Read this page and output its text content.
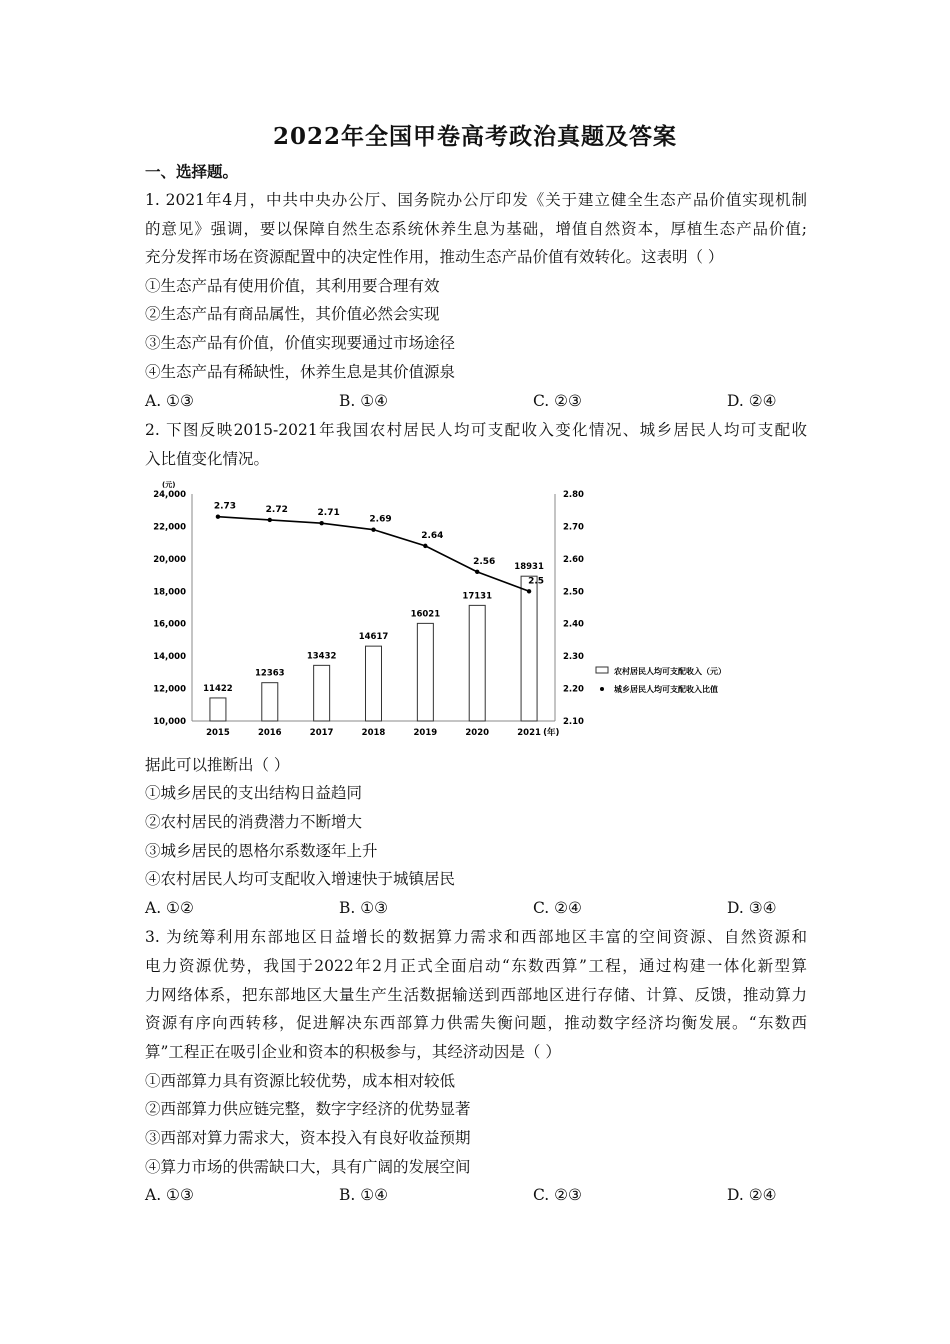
2022年全国甲卷高考政治真题及答案
一、选择题。
1. 2021年4月，中共中央办公厅、国务院办公厅印发《关于建立健全生态产品价值实现机制
的意见》强调，要以保障自然生态系统休养生息为基础，增值自然资本，厚植生态产品价值;
充分发挥市场在资源配置中的决定性作用，推动生态产品价值有效转化。这表明（ ）
①生态产品有使用价值，其利用要合理有效
②生态产品有商品属性，其价值必然会实现
③生态产品有价值，价值实现要通过市场途径
④生态产品有稀缺性，休养生息是其价值源泉
A. ①③	B. ①④	C. ②③	D. ②④
2. 下图反映2015-2021年我国农村居民人均可支配收入变化情况、城乡居民人均可支配收
入比值变化情况。
10,000
12,000
14,000
16,000
18,000
20,000
22,000
24,000
(元)
2.10
2.20
2.30
2.40
2.50
2.60
2.70
2.80
2015	2016	2017	2018	2019	2020	2021 (年)
11422
12363
13432
14617
16021
17131
18931
2.73	2.72	2.71
2.69
2.64
2.56
2.5
农村居民人均可支配收入（元）
城乡居民人均可支配收入比值
据此可以推断出（ ）
①城乡居民的支出结构日益趋同
②农村居民的消费潜力不断增大
③城乡居民的恩格尔系数逐年上升
④农村居民人均可支配收入增速快于城镇居民
A. ①②	B. ①③	C. ②④	D. ③④
3. 为统筹利用东部地区日益增长的数据算力需求和西部地区丰富的空间资源、自然资源和
电力资源优势，我国于2022年2月正式全面启动“东数西算”工程，通过构建一体化新型算
力网络体系，把东部地区大量生产生活数据输送到西部地区进行存储、计算、反馈，推动算力
资源有序向西转移，促进解决东西部算力供需失衡问题，推动数字经济均衡发展。“东数西
算”工程正在吸引企业和资本的积极参与，其经济动因是（ ）
①西部算力具有资源比较优势，成本相对较低
②西部算力供应链完整，数字字经济的优势显著
③西部对算力需求大，资本投入有良好收益预期
④算力市场的供需缺口大，具有广阔的发展空间
A. ①③	B. ①④	C. ②③	D. ②④
